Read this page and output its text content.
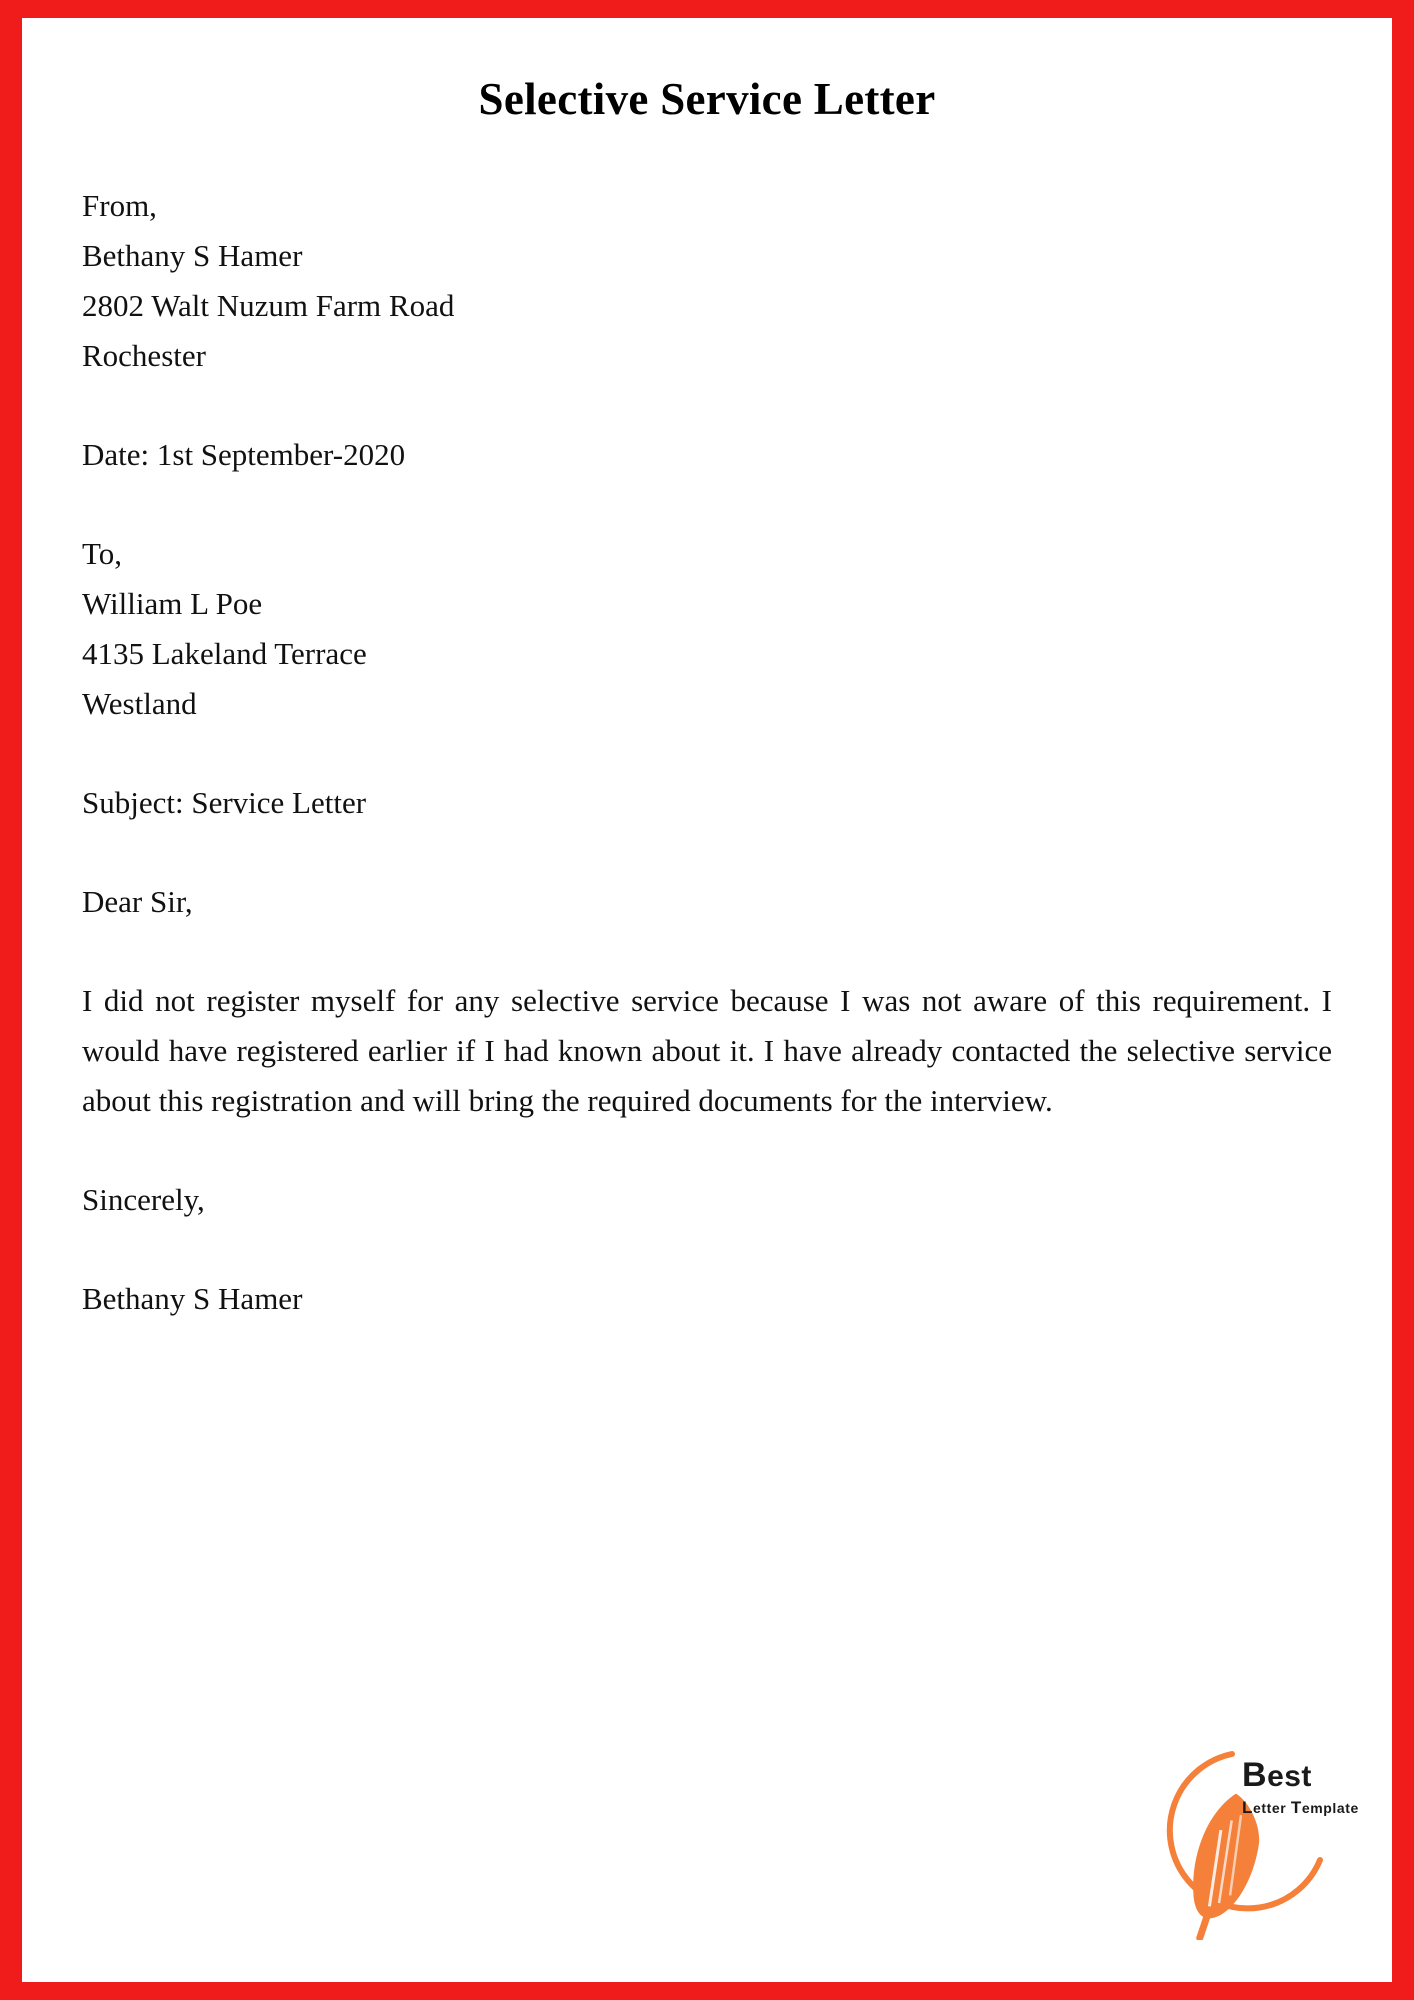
Selective Service Letter
From,
Bethany S Hamer
2802 Walt Nuzum Farm Road
Rochester
Date: 1st September-2020
To,
William L Poe
4135 Lakeland Terrace
Westland
Subject: Service Letter
Dear Sir,

I did not register myself for any selective service because I was not aware of this requirement. I would have registered earlier if I had known about it. I have already contacted the selective service about this registration and will bring the required documents for the interview.

Sincerely,
Bethany S Hamer
Best
Letter Template
